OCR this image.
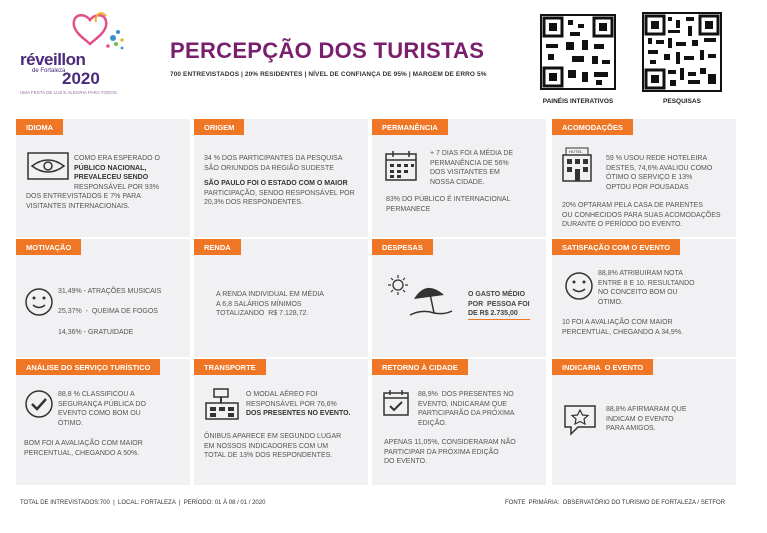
réveillon
de Fortaleza
2020
UMA FESTA DE LUZ E ALEGRIA PARA TODOS
PERCEPÇÃO DOS TURISTAS
700 ENTREVISTADOS | 20% RESIDENTES | NÍVEL DE CONFIANÇA DE 95% | MARGEM DE ERRO 5%
PAINÉIS INTERATIVOS	PESQUISAS
IDIOMA
COMO ERA ESPERADO O
PÚBLICO NACIONAL,
PREVALECEU SENDO
RESPONSÁVEL POR 93%
DOS ENTREVISTADOS E 7% PARA
VISITANTES INTERNACIONAIS.
ORIGEM
34 % DOS PARTICIPANTES DA PESQUISA
SÃO ORIUNDOS DA REGIÃO SUDESTE
SÃO PAULO FOI O ESTADO COM O MAIOR
PARTICIPAÇÃO, SENDO RESPONSÁVEL POR
20,3% DOS RESPONDENTES.
PERMANÊNCIA
+ 7 DIAS FOI A MÉDIA DE
PERMANÊNCIA DE 56%
DOS VISITANTES EM
NOSSA CIDADE.
83% DO PÚBLICO É INTERNACIONAL
PERMANECE
ACOMODAÇÕES
HOTEL
59 % USOU REDE HOTELEIRA
DESTES, 74,6% AVALIOU COMO
ÓTIMO O SERVIÇO E 13%
OPTOU POR POUSADAS
20% OPTARAM PELA CASA DE PARENTES
OU CONHECIDOS PARA SUAS ACOMODAÇÕES
DURANTE O PERÍODO DO EVENTO.
MOTIVAÇÃO
31,49% - ATRAÇÕES MUSICAIS
25,37%  -  QUEIMA DE FOGOS
14,36% - GRATUIDADE
RENDA
A RENDA INDIVIDUAL EM MÉDIA
A 6,8 SALÁRIOS MÍNIMOS
TOTALIZANDO  R$ 7.128,72.
DESPESAS
O GASTO MÉDIO
POR  PESSOA FOI
DE R$ 2.735,00
SATISFAÇÃO COM O EVENTO
88,8% ATRIBUIRAM NOTA
ENTRE 8 E 10. RESULTANDO
NO CONCEITO BOM OU
ÓTIMO.
10 FOI A AVALIAÇÃO COM MAIOR
PERCENTUAL, CHEGANDO A 34,9%.
ANÁLISE DO SERVIÇO TURÍSTICO
88,8 % CLASSIFICOU A
SEGURANÇA PÚBLICA DO
EVENTO COMO BOM OU
ÓTIMO.
BOM FOI A AVALIAÇÃO COM MAIOR
PERCENTUAL, CHEGANDO A 50%.
TRANSPORTE
O MODAL AÉREO FOI
RESPONSÁVEL POR 76,6%
DOS PRESENTES NO EVENTO.
ÔNIBUS APARECE EM SEGUNDO LUGAR
EM NOSSOS INDICADORES COM UM
TOTAL DE 13% DOS RESPONDENTES.
RETORNO À CIDADE
88,9%  DOS PRESENTES NO
EVENTO, INDICARAM QUE
PARTICIPARÃO DA PRÓXIMA
EDIÇÃO.
APENAS 11,05%, CONSIDERARAM NÃO
PARTICIPAR DA PRÓXIMA EDIÇÃO
DO EVENTO.
INDICARIA  O EVENTO
88,8% AFIRMARAM QUE
INDICAM O EVENTO
PARA AMIGOS.
TOTAL DE INTREVISTADOS:700  |  LOCAL: FORTALEZA  |  PERÍODO: 01 À 08 / 01 / 2020	FONTE  PRIMÁRIA:  OBSERVATÓRIO DO TURISMO DE FORTALEZA / SETFOR
